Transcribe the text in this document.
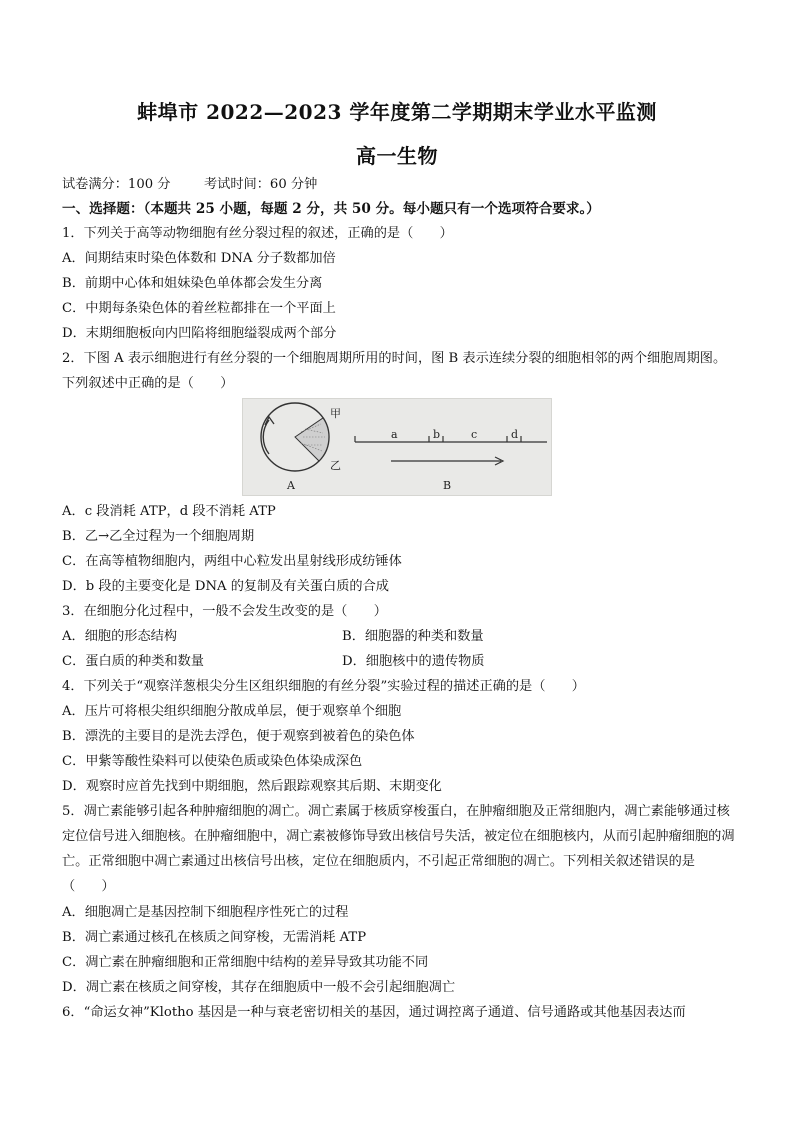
蚌埠市 2022—2023 学年度第二学期期末学业水平监测
高一生物
试卷满分：100 分	考试时间：60 分钟
一、选择题：（本题共 25 小题，每题 2 分，共 50 分。每小题只有一个选项符合要求。）
1．下列关于高等动物细胞有丝分裂过程的叙述，正确的是（　　）
A．间期结束时染色体数和 DNA 分子数都加倍
B．前期中心体和姐妹染色单体都会发生分离
C．中期每条染色体的着丝粒都排在一个平面上
D．末期细胞板向内凹陷将细胞缢裂成两个部分
2．下图 A 表示细胞进行有丝分裂的一个细胞周期所用的时间，图 B 表示连续分裂的细胞相邻的两个细胞周期图。下列叙述中正确的是（　　）
甲
乙
A
a	b	c	d
B
A．c 段消耗 ATP，d 段不消耗 ATP
B．乙→乙全过程为一个细胞周期
C．在高等植物细胞内，两组中心粒发出星射线形成纺锤体
D．b 段的主要变化是 DNA 的复制及有关蛋白质的合成
3．在细胞分化过程中，一般不会发生改变的是（　　）
A．细胞的形态结构	B．细胞器的种类和数量
C．蛋白质的种类和数量	D．细胞核中的遗传物质
4．下列关于“观察洋葱根尖分生区组织细胞的有丝分裂”实验过程的描述正确的是（　　）
A．压片可将根尖组织细胞分散成单层，便于观察单个细胞
B．漂洗的主要目的是洗去浮色，便于观察到被着色的染色体
C．甲紫等酸性染料可以使染色质或染色体染成深色
D．观察时应首先找到中期细胞，然后跟踪观察其后期、末期变化
5．凋亡素能够引起各种肿瘤细胞的凋亡。凋亡素属于核质穿梭蛋白，在肿瘤细胞及正常细胞内，凋亡素能够通过核定位信号进入细胞核。在肿瘤细胞中，凋亡素被修饰导致出核信号失活，被定位在细胞核内，从而引起肿瘤细胞的凋亡。正常细胞中凋亡素通过出核信号出核，定位在细胞质内，不引起正常细胞的凋亡。下列相关叙述错误的是（　　）
A．细胞凋亡是基因控制下细胞程序性死亡的过程
B．凋亡素通过核孔在核质之间穿梭，无需消耗 ATP
C．凋亡素在肿瘤细胞和正常细胞中结构的差异导致其功能不同
D．凋亡素在核质之间穿梭，其存在细胞质中一般不会引起细胞凋亡
6．“命运女神”Klotho 基因是一种与衰老密切相关的基因，通过调控离子通道、信号通路或其他基因表达而
